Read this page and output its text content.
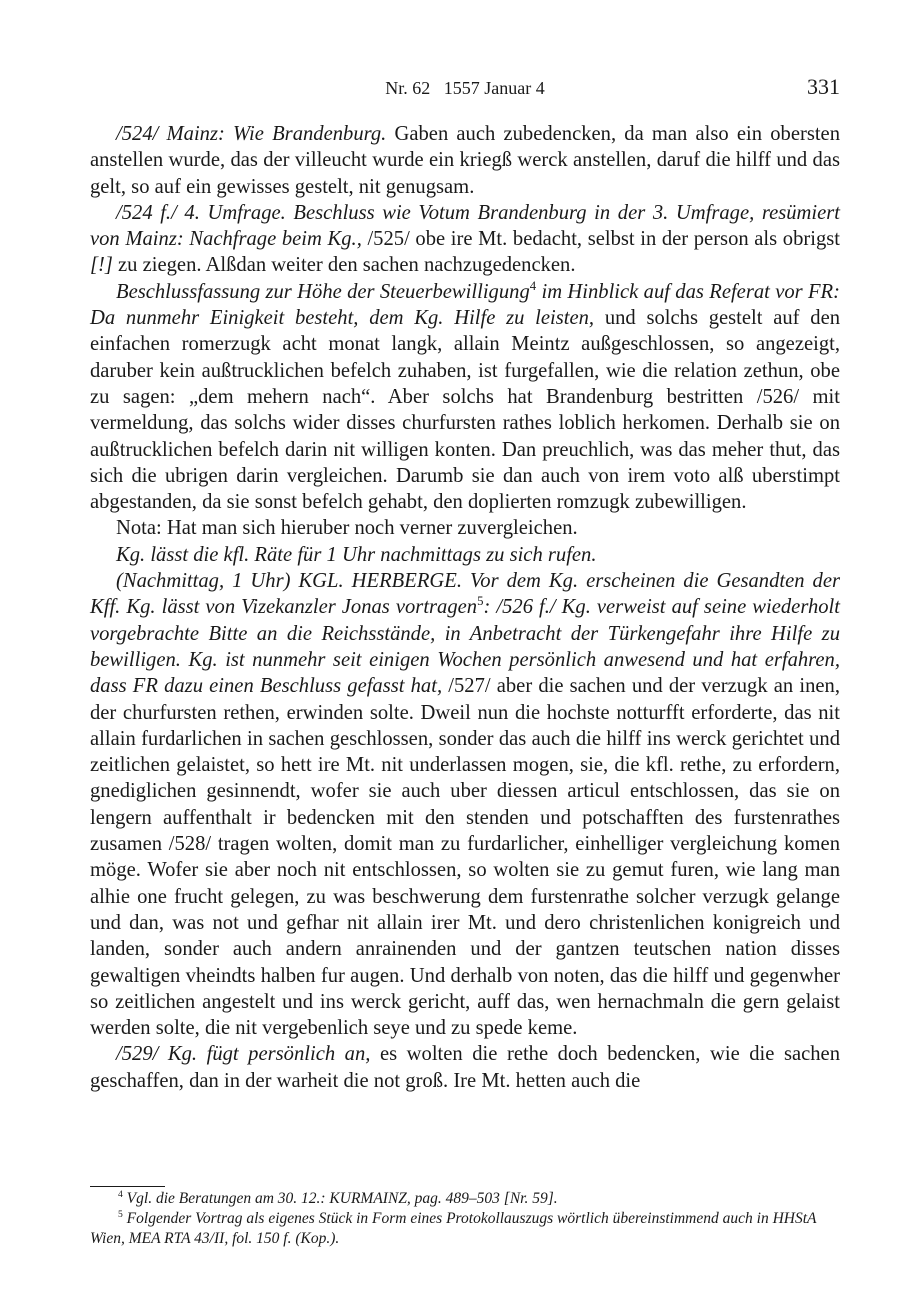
Nr. 62 1557 Januar 4	331

/524/ Mainz: Wie Brandenburg. Gaben auch zubedencken, da man also ein obersten anstellen wurde, das der villeucht wurde ein kriegß werck anstellen, daruf die hilff und das gelt, so auf ein gewisses gestelt, nit genugsam.

/524 f./ 4. Umfrage. Beschluss wie Votum Brandenburg in der 3. Umfrage, resümiert von Mainz: Nachfrage beim Kg., /525/ obe ire Mt. bedacht, selbst in der person als obrigst [!] zu ziegen. Alßdan weiter den sachen nachzugedencken.

Beschlussfassung zur Höhe der Steuerbewilligung$^4$ im Hinblick auf das Referat vor FR: Da nunmehr Einigkeit besteht, dem Kg. Hilfe zu leisten, und solchs gestelt auf den einfachen romerzugk acht monat langk, allain Meintz außgeschlossen, so angezeigt, daruber kein außtrucklichen befelch zuhaben, ist furgefallen, wie die relation zethun, obe zu sagen: „dem mehern nach“. Aber solchs hat Brandenburg bestritten /526/ mit vermeldung, das solchs wider disses churfursten rathes loblich herkomen. Derhalb sie on außtrucklichen befelch darin nit willigen konten. Dan preuchlich, was das meher thut, das sich die ubrigen darin vergleichen. Darumb sie dan auch von irem voto alß uberstimpt abgestanden, da sie sonst befelch gehabt, den doplierten romzugk zubewilligen.

Nota: Hat man sich hieruber noch verner zuvergleichen.

Kg. lässt die kfl. Räte für 1 Uhr nachmittags zu sich rufen.

(Nachmittag, 1 Uhr) KGL. HERBERGE. Vor dem Kg. erscheinen die Gesandten der Kff. Kg. lässt von Vizekanzler Jonas vortragen$^5$: /526 f./ Kg. verweist auf seine wiederholt vorgebrachte Bitte an die Reichsstände, in Anbetracht der Türkengefahr ihre Hilfe zu bewilligen. Kg. ist nunmehr seit einigen Wochen persönlich anwesend und hat erfahren, dass FR dazu einen Beschluss gefasst hat, /527/ aber die sachen und der verzugk an inen, der churfursten rethen, erwinden solte. Dweil nun die hochste notturfft erforderte, das nit allain furdarlichen in sachen geschlossen, sonder das auch die hilff ins werck gerichtet und zeitlichen gelaistet, so hett ire Mt. nit underlassen mogen, sie, die kfl. rethe, zu erfordern, gnediglichen gesinnendt, wofer sie auch uber diessen articul entschlossen, das sie on lengern auffenthalt ir bedencken mit den stenden und potschafften des furstenrathes zusamen /528/ tragen wolten, domit man zu furdarlicher, einhelliger vergleichung komen möge. Wofer sie aber noch nit entschlossen, so wolten sie zu gemut furen, wie lang man alhie one frucht gelegen, zu was beschwerung dem furstenrathe solcher verzugk gelange und dan, was not und gefhar nit allain irer Mt. und dero christenlichen konigreich und landen, sonder auch andern anrainenden und der gantzen teutschen nation disses gewaltigen vheindts halben fur augen. Und derhalb von noten, das die hilff und gegenwher so zeitlichen angestelt und ins werck gericht, auff das, wen hernachmaln die gern gelaist werden solte, die nit vergebenlich seye und zu spede keme.

/529/ Kg. fügt persönlich an, es wolten die rethe doch bedencken, wie die sachen geschaffen, dan in der warheit die not groß. Ire Mt. hetten auch die

$^4$ Vgl. die Beratungen am 30. 12.: KURMAINZ, pag. 489–503 [Nr. 59].

$^5$ Folgender Vortrag als eigenes Stück in Form eines Protokollauszugs wörtlich übereinstimmend auch in HHStA Wien, MEA RTA 43/II, fol. 150 f. (Kop.).
